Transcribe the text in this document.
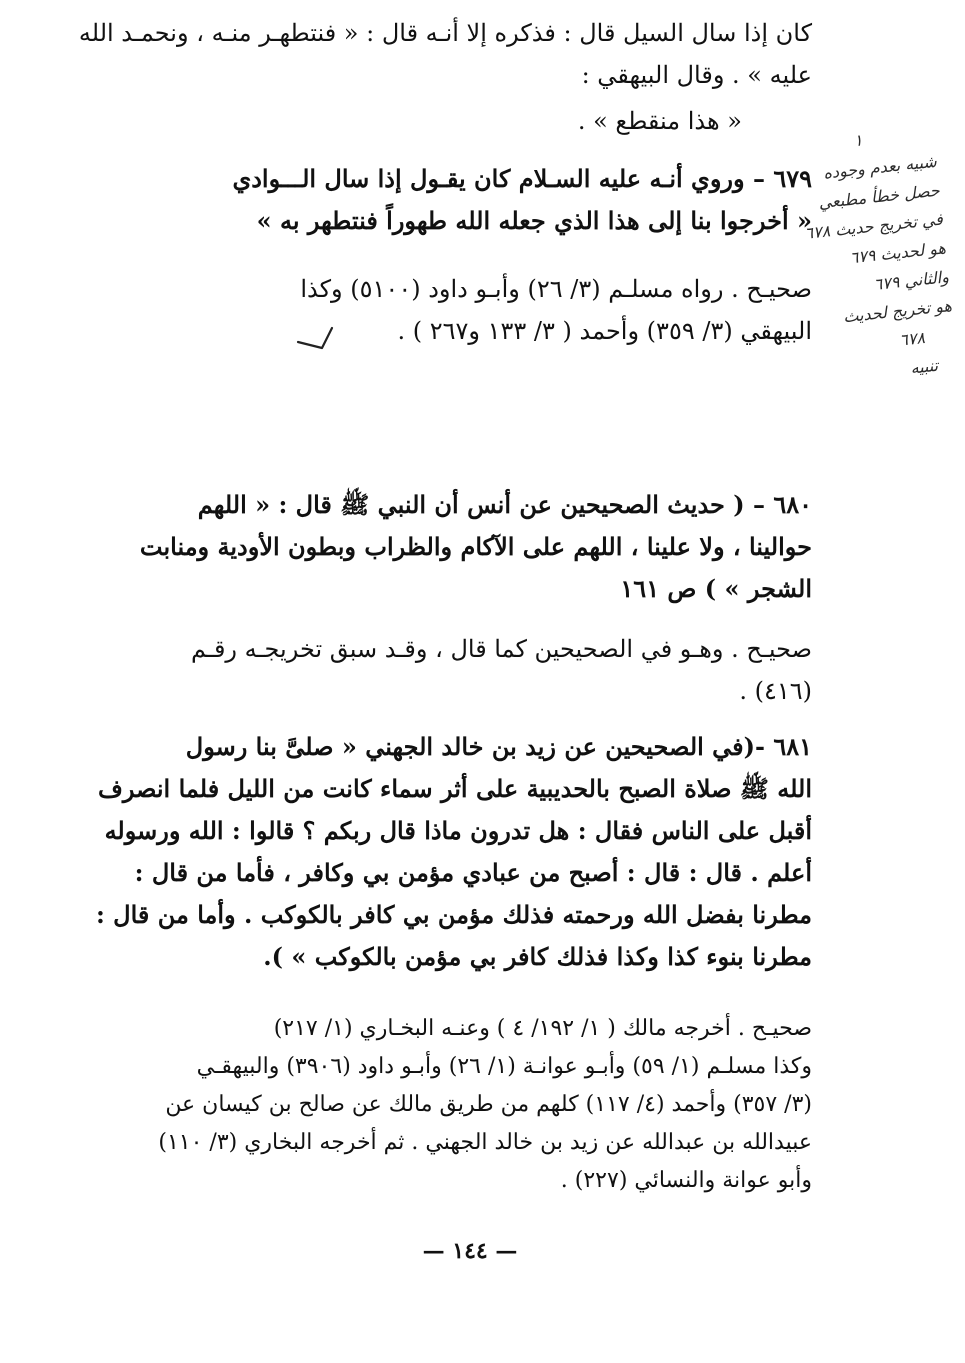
كان إذا سال السيل قال : فذكره إلا أنـه قال : « فنتطهـر منـه ، ونحمـد الله
عليه » . وقال البيهقي :
« هذا منقطع » .
٦٧٩ – وروي أنـه عليه السـلام كان يقـول إذا سال الـــوادي
« أخرجوا بنا إلى هذا الذي جعله الله طهوراً فنتطهر به »
صحيـح . رواه مسلـم (٣/ ٢٦) وأبـو داود (٥١٠٠) وكذا
البيهقي (٣/ ٣٥٩) وأحمد ( ٣/ ١٣٣ و٢٦٧ ) .
١
شبيه بعدم وجوده
حصل خطأ مطبعي
في تخريج حديث ٦٧٨
هو لحديث ٦٧٩
والثاني ٦٧٩
هو تخريج لحديث
٦٧٨
تنبيه
٦٨٠ – ( حديث الصحيحين عن أنس أن النبي ﷺ قال : « اللهم
حوالينا ، ولا علينا ، اللهم على الآكام والظراب وبطون الأودية ومنابت
الشجر » ) ص ١٦١
صحيـح . وهـو في الصحيحين كما قال ، وقـد سبق تخريجـه رقـم
(٤١٦) .
٦٨١ -(في الصحيحين عن زيد بن خالد الجهني « صلىَّ بنا رسول
الله ﷺ صلاة الصبح بالحديبية على أثر سماء كانت من الليل فلما انصرف
أقبل على الناس فقال : هل تدرون ماذا قال ربكم ؟ قالوا : الله ورسوله
أعلم . قال : قال : أصبح من عبادي مؤمن بي وكافر ، فأما من قال :
مطرنا بفضل الله ورحمته فذلك مؤمن بي كافر بالكوكب . وأما من قال :
مطرنا بنوء كذا وكذا فذلك كافر بي مؤمن بالكوكب » ).
صحيـح . أخرجه مالك ( ١/ ١٩٢/ ٤ ) وعنـه البخـاري (١/ ٢١٧)
وكذا مسلـم (١/ ٥٩) وأبـو عوانـة (١/ ٢٦) وأبـو داود (٣٩٠٦) والبيهقـي
(٣/ ٣٥٧) وأحمد (٤/ ١١٧) كلهم من طريق مالك عن صالح بن كيسان عن
عبيدالله بن عبدالله عن زيد بن خالد الجهني . ثم أخرجه البخاري (٣/ ١١٠)
وأبو عوانة والنسائي (٢٢٧) .
— ١٤٤ —
